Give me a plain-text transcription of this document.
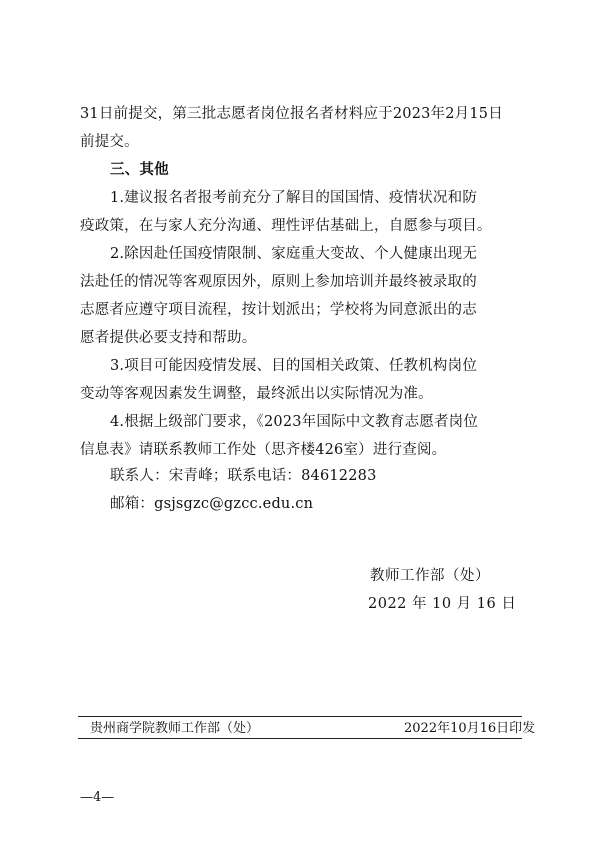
31日前提交，第三批志愿者岗位报名者材料应于2023年2月15日
前提交。
三、其他
1.建议报名者报考前充分了解目的国国情、疫情状况和防
疫政策，在与家人充分沟通、理性评估基础上，自愿参与项目。
2.除因赴任国疫情限制、家庭重大变故、个人健康出现无
法赴任的情况等客观原因外，原则上参加培训并最终被录取的
志愿者应遵守项目流程，按计划派出；学校将为同意派出的志
愿者提供必要支持和帮助。
3.项目可能因疫情发展、目的国相关政策、任教机构岗位
变动等客观因素发生调整，最终派出以实际情况为准。
4.根据上级部门要求，《2023年国际中文教育志愿者岗位
信息表》请联系教师工作处（思齐楼426室）进行查阅。
联系人：宋青峰；联系电话：84612283
邮箱：gsjsgzc@gzcc.edu.cn
教师工作部（处）
2022 年 10 月 16 日
贵州商学院教师工作部（处）	2022年10月16日印发
—4—
